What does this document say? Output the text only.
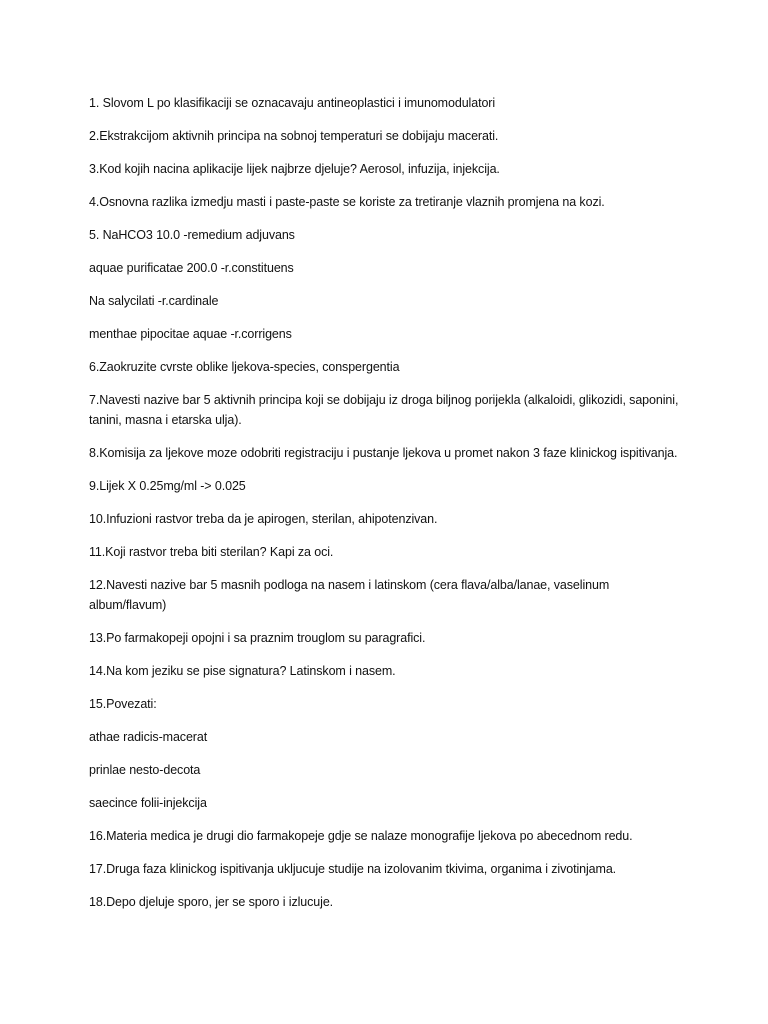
1. Slovom L po klasifikaciji se oznacavaju antineoplastici i imunomodulatori

2.Ekstrakcijom aktivnih principa na sobnoj temperaturi se dobijaju macerati.

3.Kod kojih nacina aplikacije lijek najbrze djeluje? Aerosol, infuzija, injekcija.

4.Osnovna razlika izmedju masti i paste-paste se koriste za tretiranje vlaznih promjena na kozi.

5. NaHCO3 10.0 -remedium adjuvans

aquae purificatae 200.0 -r.constituens

Na salycilati -r.cardinale

menthae pipocitae aquae -r.corrigens

6.Zaokruzite cvrste oblike ljekova-species, conspergentia

7.Navesti nazive bar 5 aktivnih principa koji se dobijaju iz droga biljnog porijekla (alkaloidi, glikozidi, saponini, tanini, masna i etarska ulja).

8.Komisija za ljekove moze odobriti registraciju i pustanje ljekova u promet nakon 3 faze klinickog ispitivanja.

9.Lijek X 0.25mg/ml -> 0.025

10.Infuzioni rastvor treba da je apirogen, sterilan, ahipotenzivan.

11.Koji rastvor treba biti sterilan? Kapi za oci.

12.Navesti nazive bar 5 masnih podloga na nasem i latinskom (cera flava/alba/lanae, vaselinum album/flavum)

13.Po farmakopeji opojni i sa praznim trouglom su paragrafici.

14.Na kom jeziku se pise signatura? Latinskom i nasem.

15.Povezati:

athae radicis-macerat

prinlae nesto-decota

saecince folii-injekcija

16.Materia medica je drugi dio farmakopeje gdje se nalaze monografije ljekova po abecednom redu.

17.Druga faza klinickog ispitivanja ukljucuje studije na izolovanim tkivima, organima i zivotinjama.

18.Depo djeluje sporo, jer se sporo i izlucuje.
